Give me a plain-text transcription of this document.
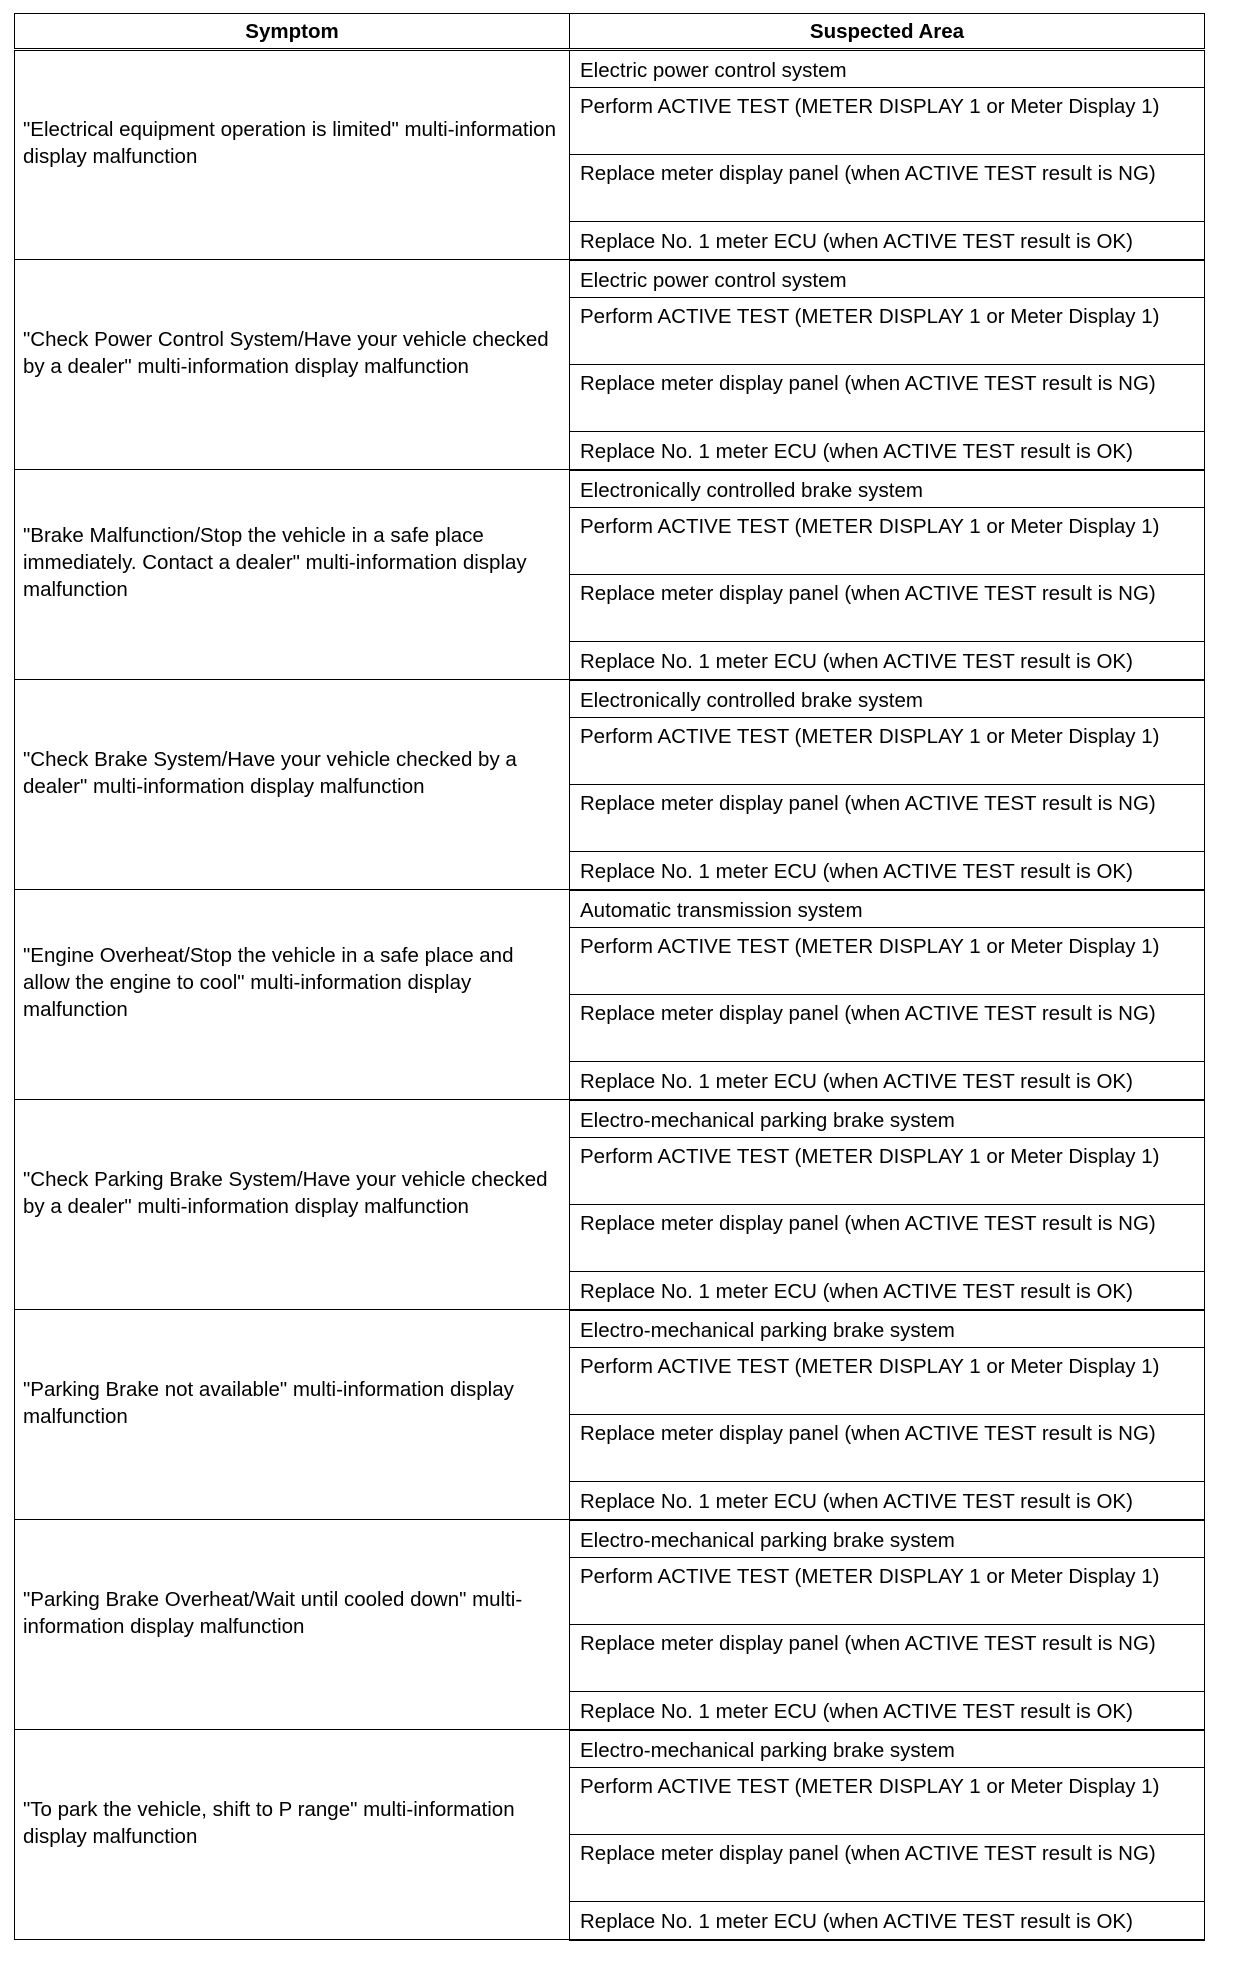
Symptom	Suspected Area

"Electrical equipment operation is limited" multi-information display malfunction	Electric power control system
	Perform ACTIVE TEST (METER DISPLAY 1 or Meter Display 1)
	Replace meter display panel (when ACTIVE TEST result is NG)
	Replace No. 1 meter ECU (when ACTIVE TEST result is OK)

"Check Power Control System/Have your vehicle checked by a dealer" multi-information display malfunction	Electric power control system
	Perform ACTIVE TEST (METER DISPLAY 1 or Meter Display 1)
	Replace meter display panel (when ACTIVE TEST result is NG)
	Replace No. 1 meter ECU (when ACTIVE TEST result is OK)

"Brake Malfunction/Stop the vehicle in a safe place immediately. Contact a dealer" multi-information display malfunction	Electronically controlled brake system
	Perform ACTIVE TEST (METER DISPLAY 1 or Meter Display 1)
	Replace meter display panel (when ACTIVE TEST result is NG)
	Replace No. 1 meter ECU (when ACTIVE TEST result is OK)

"Check Brake System/Have your vehicle checked by a dealer" multi-information display malfunction	Electronically controlled brake system
	Perform ACTIVE TEST (METER DISPLAY 1 or Meter Display 1)
	Replace meter display panel (when ACTIVE TEST result is NG)
	Replace No. 1 meter ECU (when ACTIVE TEST result is OK)

"Engine Overheat/Stop the vehicle in a safe place and allow the engine to cool" multi-information display malfunction	Automatic transmission system
	Perform ACTIVE TEST (METER DISPLAY 1 or Meter Display 1)
	Replace meter display panel (when ACTIVE TEST result is NG)
	Replace No. 1 meter ECU (when ACTIVE TEST result is OK)

"Check Parking Brake System/Have your vehicle checked by a dealer" multi-information display malfunction	Electro-mechanical parking brake system
	Perform ACTIVE TEST (METER DISPLAY 1 or Meter Display 1)
	Replace meter display panel (when ACTIVE TEST result is NG)
	Replace No. 1 meter ECU (when ACTIVE TEST result is OK)

"Parking Brake not available" multi-information display malfunction	Electro-mechanical parking brake system
	Perform ACTIVE TEST (METER DISPLAY 1 or Meter Display 1)
	Replace meter display panel (when ACTIVE TEST result is NG)
	Replace No. 1 meter ECU (when ACTIVE TEST result is OK)

"Parking Brake Overheat/Wait until cooled down" multi-information display malfunction	Electro-mechanical parking brake system
	Perform ACTIVE TEST (METER DISPLAY 1 or Meter Display 1)
	Replace meter display panel (when ACTIVE TEST result is NG)
	Replace No. 1 meter ECU (when ACTIVE TEST result is OK)

"To park the vehicle, shift to P range" multi-information display malfunction	Electro-mechanical parking brake system
	Perform ACTIVE TEST (METER DISPLAY 1 or Meter Display 1)
	Replace meter display panel (when ACTIVE TEST result is NG)
	Replace No. 1 meter ECU (when ACTIVE TEST result is OK)
